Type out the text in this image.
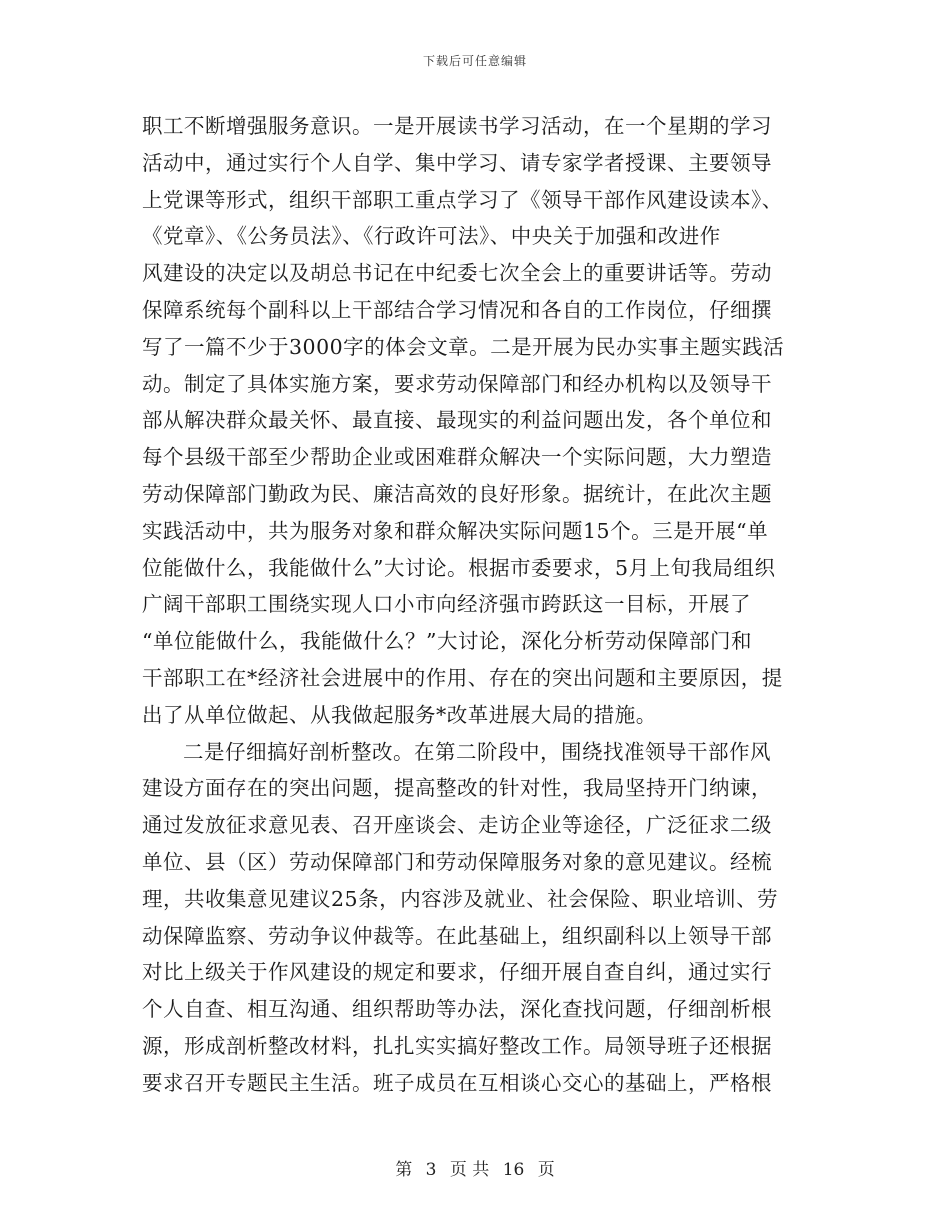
下载后可任意编辑
职工不断增强服务意识。一是开展读书学习活动，在一个星期的学习
活动中，通过实行个人自学、集中学习、请专家学者授课、主要领导
上党课等形式，组织干部职工重点学习了《领导干部作风建设读本》、
《党章》、《公务员法》、《行政许可法》、中央关于加强和改进作
风建设的决定以及胡总书记在中纪委七次全会上的重要讲话等。劳动
保障系统每个副科以上干部结合学习情况和各自的工作岗位，仔细撰
写了一篇不少于3000字的体会文章。二是开展为民办实事主题实践活
动。制定了具体实施方案，要求劳动保障部门和经办机构以及领导干
部从解决群众最关怀、最直接、最现实的利益问题出发，各个单位和
每个县级干部至少帮助企业或困难群众解决一个实际问题，大力塑造
劳动保障部门勤政为民、廉洁高效的良好形象。据统计，在此次主题
实践活动中，共为服务对象和群众解决实际问题15个。三是开展“单
位能做什么，我能做什么”大讨论。根据市委要求，5月上旬我局组织
广阔干部职工围绕实现人口小市向经济强市跨跃这一目标，开展了
“单位能做什么，我能做什么？”大讨论，深化分析劳动保障部门和
干部职工在*经济社会进展中的作用、存在的突出问题和主要原因，提
出了从单位做起、从我做起服务*改革进展大局的措施。
二是仔细搞好剖析整改。在第二阶段中，围绕找准领导干部作风
建设方面存在的突出问题，提高整改的针对性，我局坚持开门纳谏，
通过发放征求意见表、召开座谈会、走访企业等途径，广泛征求二级
单位、县（区）劳动保障部门和劳动保障服务对象的意见建议。经梳
理，共收集意见建议25条，内容涉及就业、社会保险、职业培训、劳
动保障监察、劳动争议仲裁等。在此基础上，组织副科以上领导干部
对比上级关于作风建设的规定和要求，仔细开展自查自纠，通过实行
个人自查、相互沟通、组织帮助等办法，深化查找问题，仔细剖析根
源，形成剖析整改材料，扎扎实实搞好整改工作。局领导班子还根据
要求召开专题民主生活。班子成员在互相谈心交心的基础上，严格根
第 3 页 共 16 页
